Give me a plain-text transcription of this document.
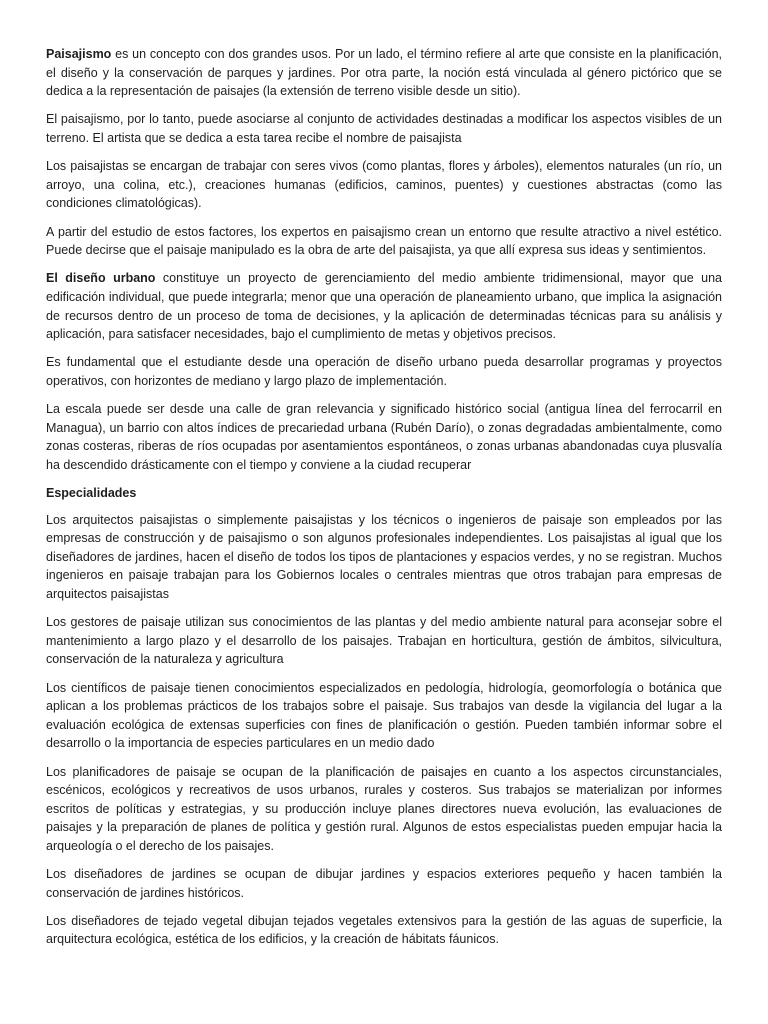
Paisajismo es un concepto con dos grandes usos. Por un lado, el término refiere al arte que consiste en la planificación, el diseño y la conservación de parques y jardines. Por otra parte, la noción está vinculada al género pictórico que se dedica a la representación de paisajes (la extensión de terreno visible desde un sitio).

El paisajismo, por lo tanto, puede asociarse al conjunto de actividades destinadas a modificar los aspectos visibles de un terreno. El artista que se dedica a esta tarea recibe el nombre de paisajista

Los paisajistas se encargan de trabajar con seres vivos (como plantas, flores y árboles), elementos naturales (un río, un arroyo, una colina, etc.), creaciones humanas (edificios, caminos, puentes) y cuestiones abstractas (como las condiciones climatológicas).

A partir del estudio de estos factores, los expertos en paisajismo crean un entorno que resulte atractivo a nivel estético. Puede decirse que el paisaje manipulado es la obra de arte del paisajista, ya que allí expresa sus ideas y sentimientos.

El diseño urbano constituye un proyecto de gerenciamiento del medio ambiente tridimensional, mayor que una edificación individual, que puede integrarla; menor que una operación de planeamiento urbano, que implica la asignación de recursos dentro de un proceso de toma de decisiones, y la aplicación de determinadas técnicas para su análisis y aplicación, para satisfacer necesidades, bajo el cumplimiento de metas y objetivos precisos.

Es fundamental que el estudiante desde una operación de diseño urbano pueda desarrollar programas y proyectos operativos, con horizontes de mediano y largo plazo de implementación.

La escala puede ser desde una calle de gran relevancia y significado histórico social (antigua línea del ferrocarril en Managua), un barrio con altos índices de precariedad urbana (Rubén Darío), o zonas degradadas ambientalmente, como zonas costeras, riberas de ríos ocupadas por asentamientos espontáneos, o zonas urbanas abandonadas cuya plusvalía ha descendido drásticamente con el tiempo y conviene a la ciudad recuperar

Especialidades

Los arquitectos paisajistas o simplemente paisajistas y los técnicos o ingenieros de paisaje son empleados por las empresas de construcción y de paisajismo o son algunos profesionales independientes. Los paisajistas al igual que los diseñadores de jardines, hacen el diseño de todos los tipos de plantaciones y espacios verdes, y no se registran. Muchos ingenieros en paisaje trabajan para los Gobiernos locales o centrales mientras que otros trabajan para empresas de arquitectos paisajistas

Los gestores de paisaje utilizan sus conocimientos de las plantas y del medio ambiente natural para aconsejar sobre el mantenimiento a largo plazo y el desarrollo de los paisajes. Trabajan en horticultura, gestión de ámbitos, silvicultura, conservación de la naturaleza y agricultura

Los científicos de paisaje tienen conocimientos especializados en pedología, hidrología, geomorfología o botánica que aplican a los problemas prácticos de los trabajos sobre el paisaje. Sus trabajos van desde la vigilancia del lugar a la evaluación ecológica de extensas superficies con fines de planificación o gestión. Pueden también informar sobre el desarrollo o la importancia de especies particulares en un medio dado

Los planificadores de paisaje se ocupan de la planificación de paisajes en cuanto a los aspectos circunstanciales, escénicos, ecológicos y recreativos de usos urbanos, rurales y costeros. Sus trabajos se materializan por informes escritos de políticas y estrategias, y su producción incluye planes directores nueva evolución, las evaluaciones de paisajes y la preparación de planes de política y gestión rural. Algunos de estos especialistas pueden empujar hacia la arqueología o el derecho de los paisajes.

Los diseñadores de jardines se ocupan de dibujar jardines y espacios exteriores pequeño y hacen también la conservación de jardines históricos.

Los diseñadores de tejado vegetal dibujan tejados vegetales extensivos para la gestión de las aguas de superficie, la arquitectura ecológica, estética de los edificios, y la creación de hábitats fáunicos.
